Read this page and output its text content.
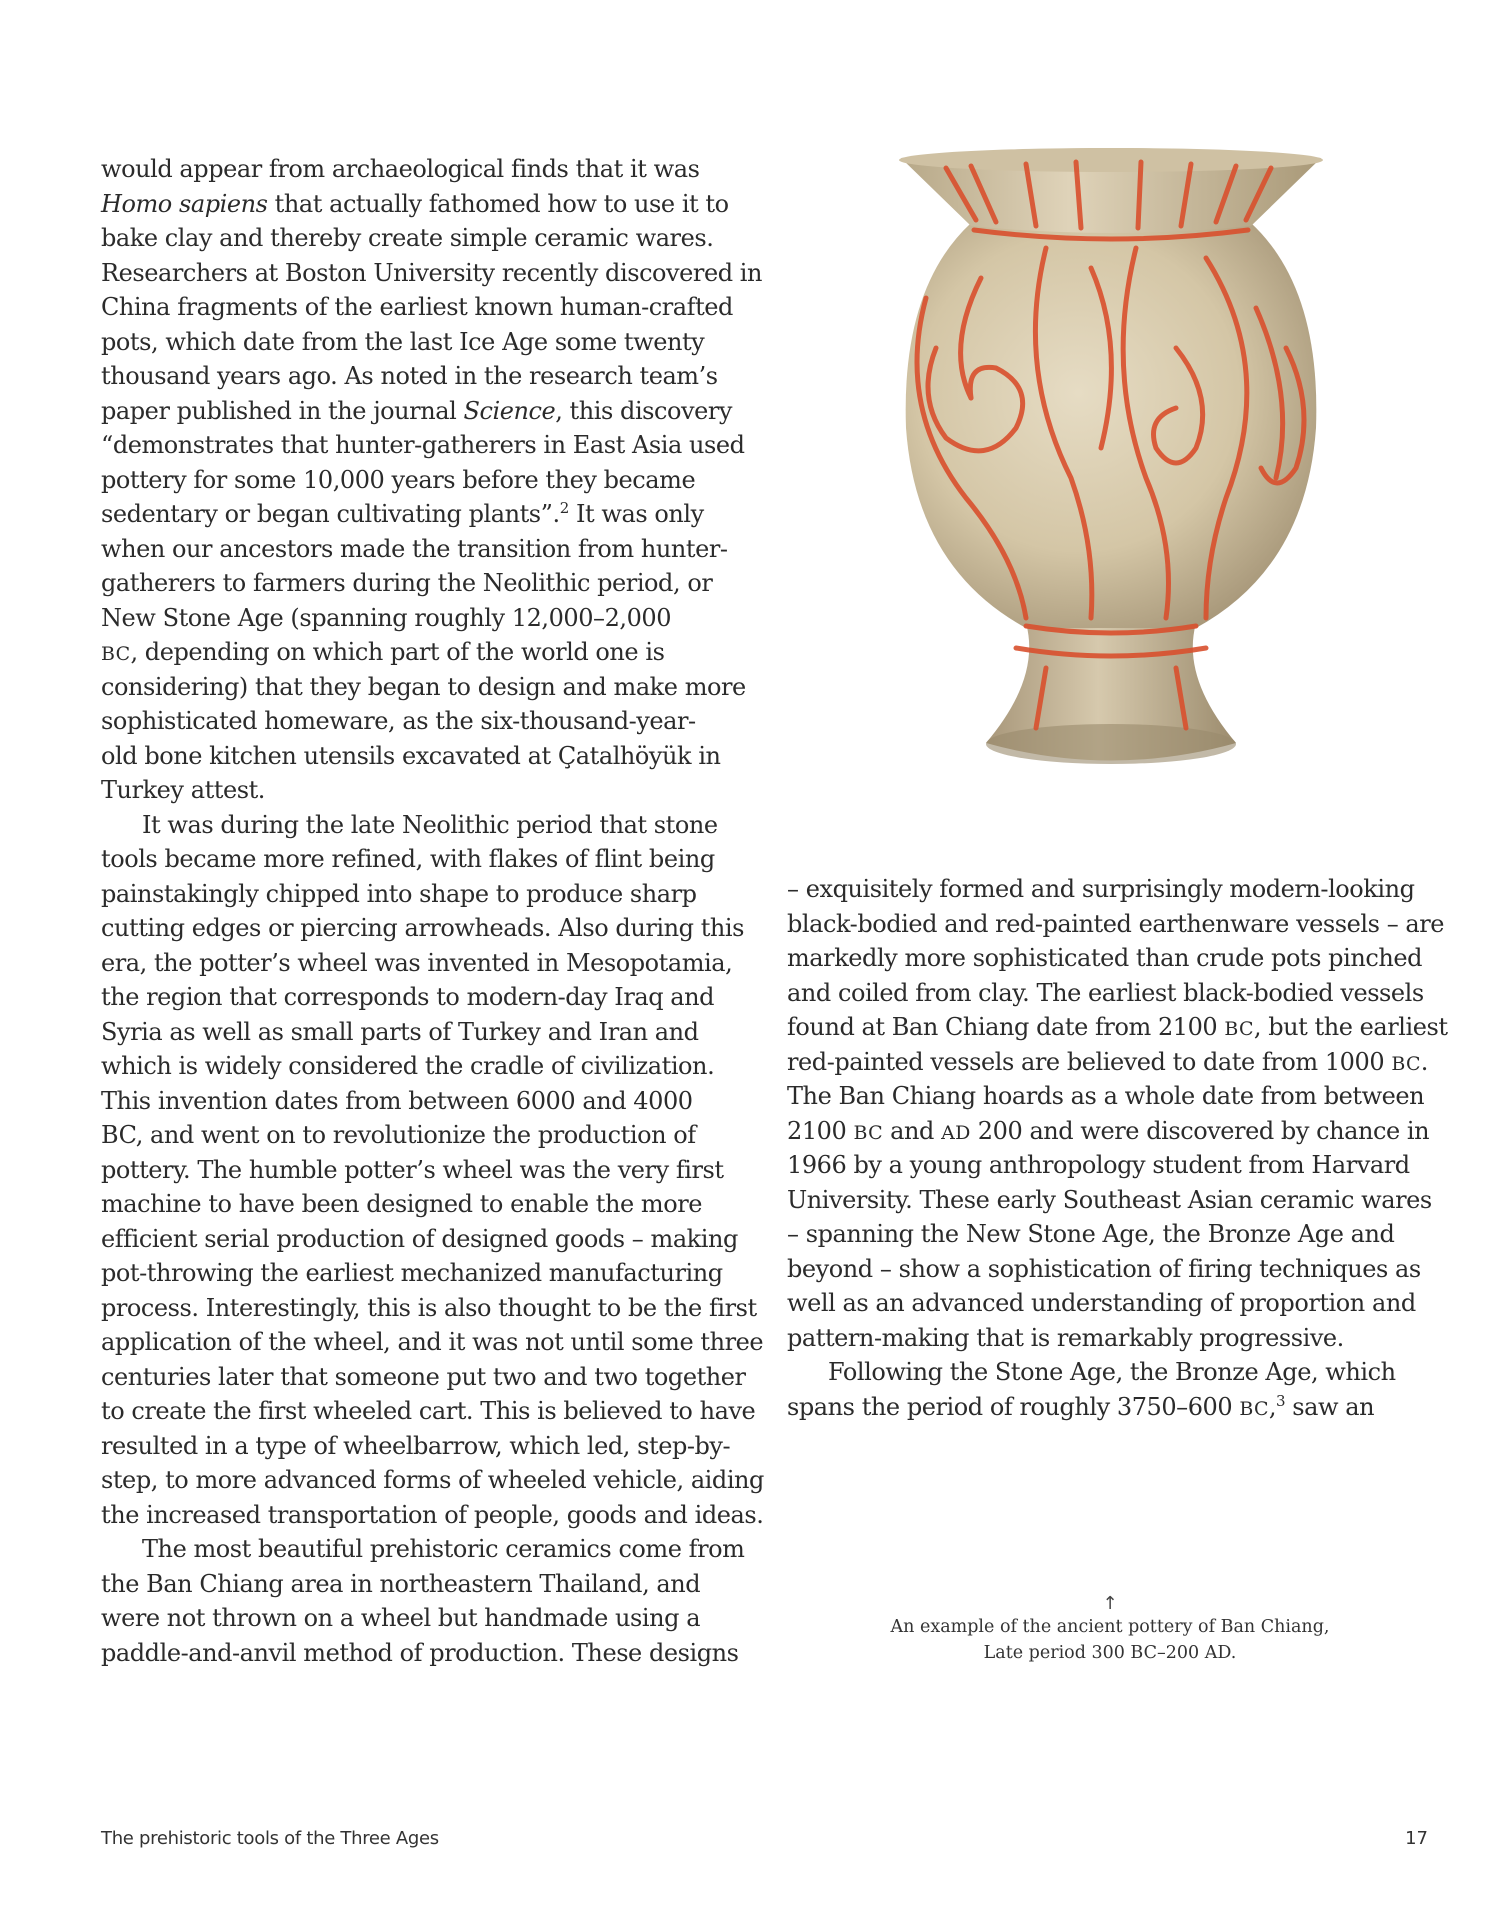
would appear from archaeological finds that it was
Homo sapiens that actually fathomed how to use it to
bake clay and thereby create simple ceramic wares.
Researchers at Boston University recently discovered in
China fragments of the earliest known human-crafted
pots, which date from the last Ice Age some twenty
thousand years ago. As noted in the research team’s
paper published in the journal Science, this discovery
“demonstrates that hunter-gatherers in East Asia used
pottery for some 10,000 years before they became
sedentary or began cultivating plants”.$^2$ It was only
when our ancestors made the transition from hunter-
gatherers to farmers during the Neolithic period, or
New Stone Age (spanning roughly 12,000–2,000
BC, depending on which part of the world one is
considering) that they began to design and make more
sophisticated homeware, as the six-thousand-year-
old bone kitchen utensils excavated at Çatalhöyük in
Turkey attest.
It was during the late Neolithic period that stone
tools became more refined, with flakes of flint being
painstakingly chipped into shape to produce sharp
cutting edges or piercing arrowheads. Also during this
era, the potter’s wheel was invented in Mesopotamia,
the region that corresponds to modern-day Iraq and
Syria as well as small parts of Turkey and Iran and
which is widely considered the cradle of civilization.
This invention dates from between 6000 and 4000
BC, and went on to revolutionize the production of
pottery. The humble potter’s wheel was the very first
machine to have been designed to enable the more
efficient serial production of designed goods – making
pot-throwing the earliest mechanized manufacturing
process. Interestingly, this is also thought to be the first
application of the wheel, and it was not until some three
centuries later that someone put two and two together
to create the first wheeled cart. This is believed to have
resulted in a type of wheelbarrow, which led, step-by-
step, to more advanced forms of wheeled vehicle, aiding
the increased transportation of people, goods and ideas.
The most beautiful prehistoric ceramics come from
the Ban Chiang area in northeastern Thailand, and
were not thrown on a wheel but handmade using a
paddle-and-anvil method of production. These designs
– exquisitely formed and surprisingly modern-looking
black-bodied and red-painted earthenware vessels – are
markedly more sophisticated than crude pots pinched
and coiled from clay. The earliest black-bodied vessels
found at Ban Chiang date from 2100 BC, but the earliest
red-painted vessels are believed to date from 1000 BC.
The Ban Chiang hoards as a whole date from between
2100 BC and AD 200 and were discovered by chance in
1966 by a young anthropology student from Harvard
University. These early Southeast Asian ceramic wares
– spanning the New Stone Age, the Bronze Age and
beyond – show a sophistication of firing techniques as
well as an advanced understanding of proportion and
pattern-making that is remarkably progressive.
Following the Stone Age, the Bronze Age, which
spans the period of roughly 3750–600 BC,$^3$ saw an
↑
An example of the ancient pottery of Ban Chiang,
Late period 300 BC–200 AD.
The prehistoric tools of the Three Ages	17
